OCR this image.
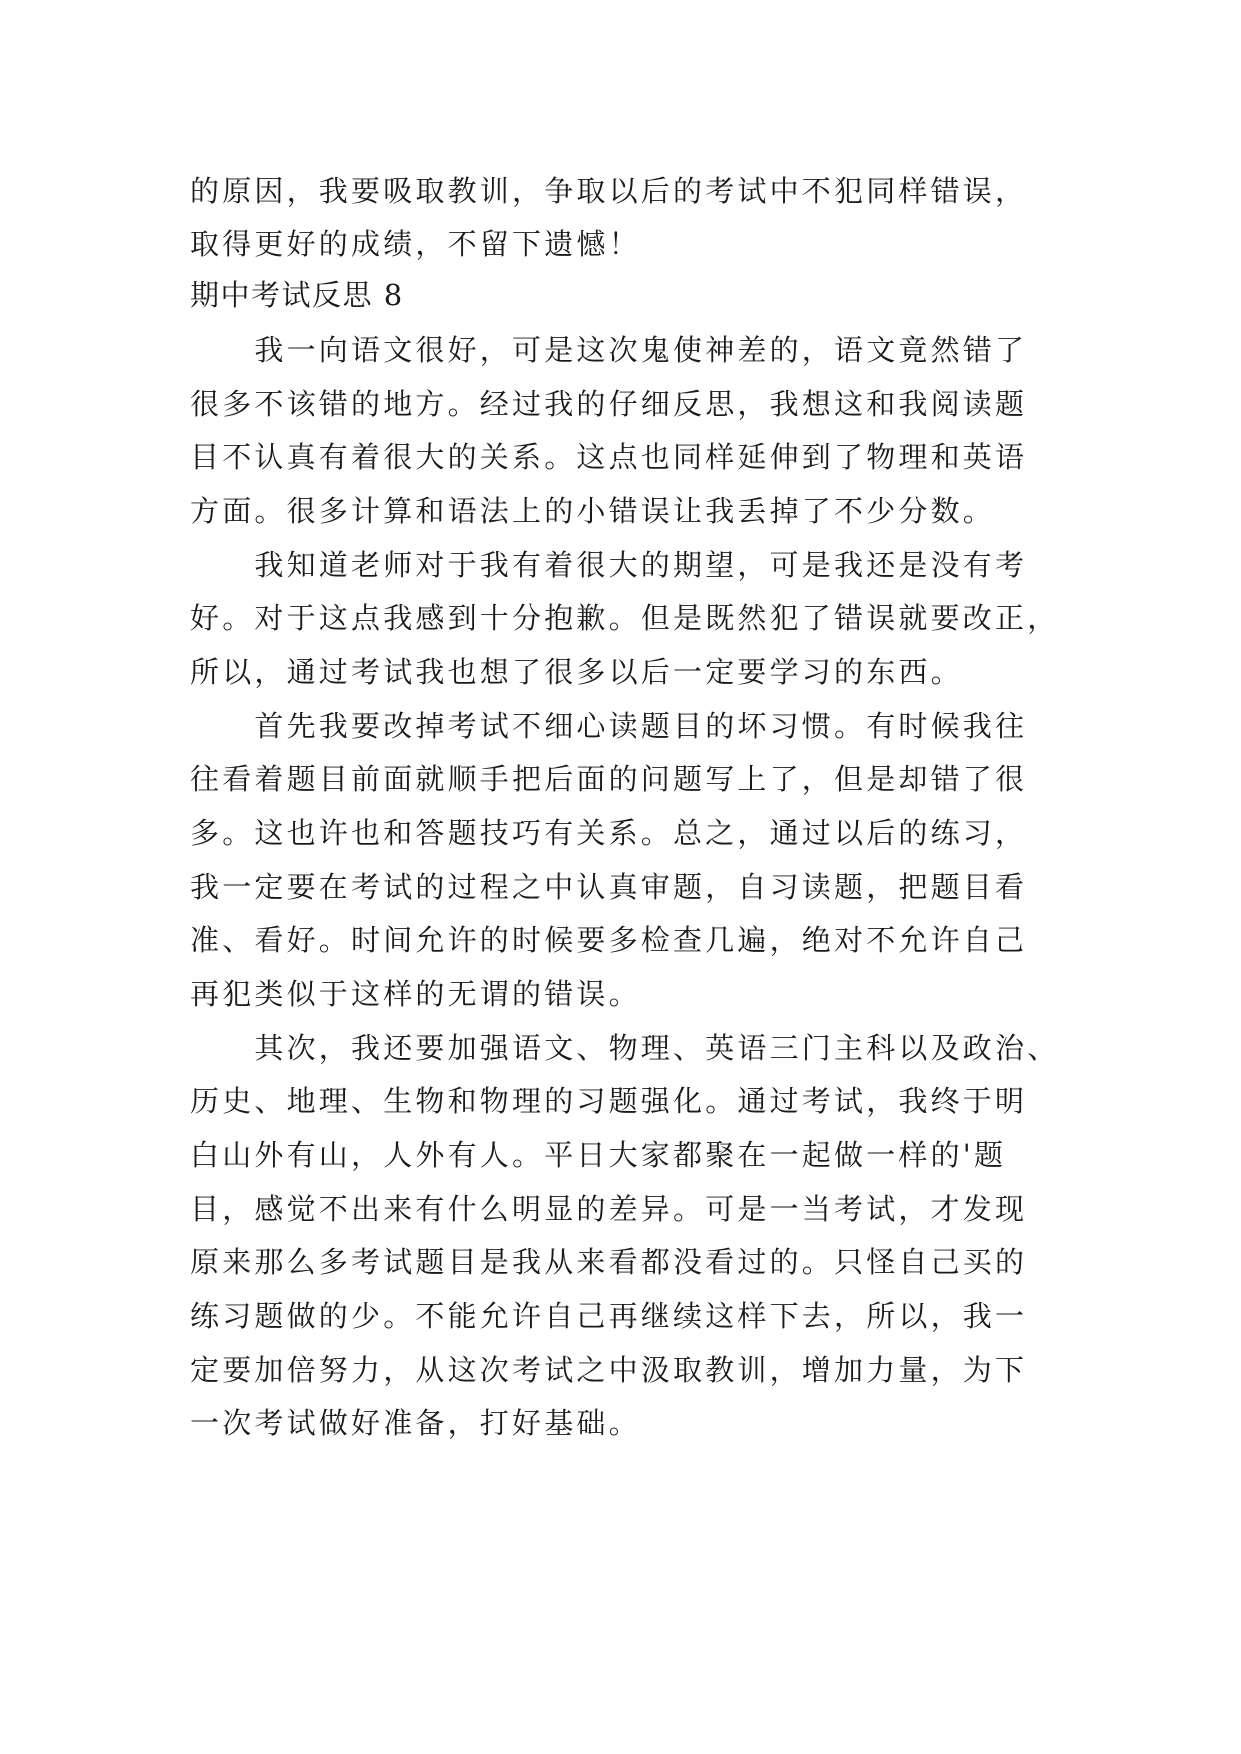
的原因，我要吸取教训，争取以后的考试中不犯同样错误，

取得更好的成绩，不留下遗憾！

期中考试反思 8

　　我一向语文很好，可是这次鬼使神差的，语文竟然错了

很多不该错的地方。经过我的仔细反思，我想这和我阅读题

目不认真有着很大的关系。这点也同样延伸到了物理和英语

方面。很多计算和语法上的小错误让我丢掉了不少分数。

　　我知道老师对于我有着很大的期望，可是我还是没有考

好。对于这点我感到十分抱歉。但是既然犯了错误就要改正，

所以，通过考试我也想了很多以后一定要学习的东西。

　　首先我要改掉考试不细心读题目的坏习惯。有时候我往

往看着题目前面就顺手把后面的问题写上了，但是却错了很

多。这也许也和答题技巧有关系。总之，通过以后的练习，

我一定要在考试的过程之中认真审题，自习读题，把题目看

准、看好。时间允许的时候要多检查几遍，绝对不允许自己

再犯类似于这样的无谓的错误。

　　其次，我还要加强语文、物理、英语三门主科以及政治、

历史、地理、生物和物理的习题强化。通过考试，我终于明

白山外有山，人外有人。平日大家都聚在一起做一样的'题

目，感觉不出来有什么明显的差异。可是一当考试，才发现

原来那么多考试题目是我从来看都没看过的。只怪自己买的

练习题做的少。不能允许自己再继续这样下去，所以，我一

定要加倍努力，从这次考试之中汲取教训，增加力量，为下

一次考试做好准备，打好基础。
